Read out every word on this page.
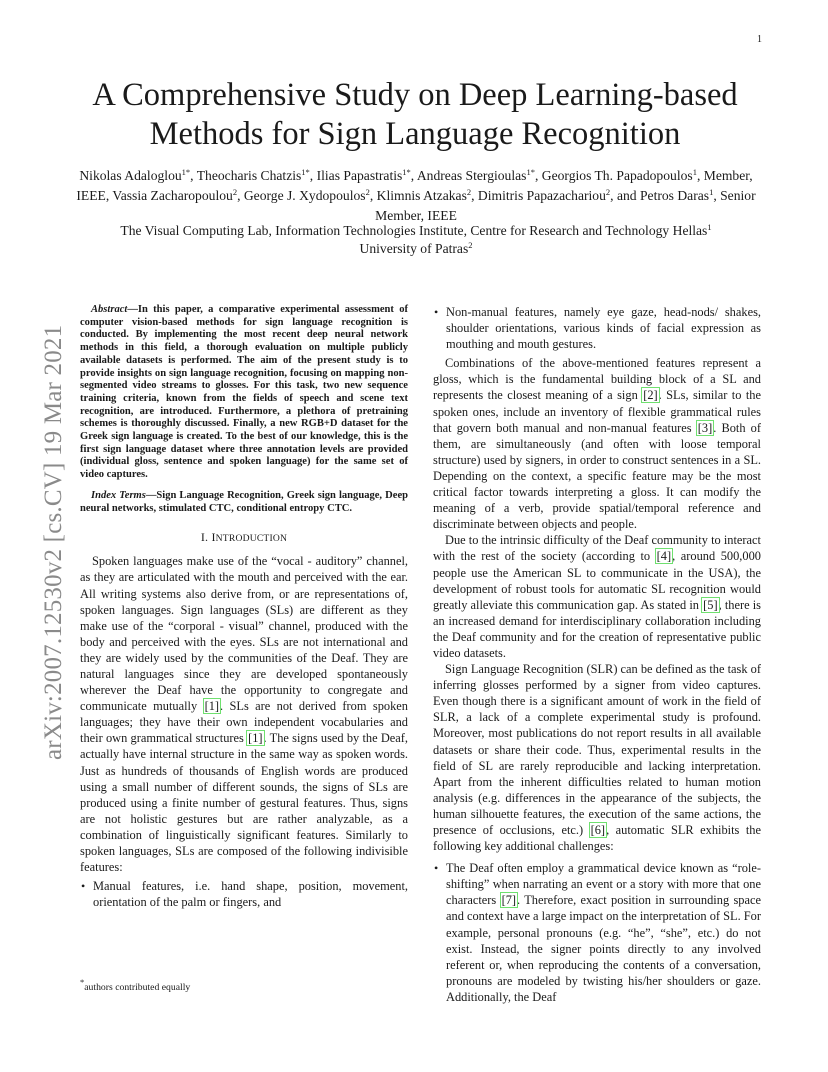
1
arXiv:2007.12530v2 [cs.CV] 19 Mar 2021
A Comprehensive Study on Deep Learning-based
Methods for Sign Language Recognition
Nikolas Adaloglou$^{1*}$, Theocharis Chatzis$^{1*}$, Ilias Papastratis$^{1*}$, Andreas Stergioulas$^{1*}$, Georgios Th. Papadopoulos$^1$, Member, IEEE, Vassia Zacharopoulou$^2$, George J. Xydopoulos$^2$, Klimnis Atzakas$^2$, Dimitris Papazachariou$^2$, and Petros Daras$^1$, Senior Member, IEEE
The Visual Computing Lab, Information Technologies Institute, Centre for Research and Technology Hellas$^1$
University of Patras$^2$

Abstract—In this paper, a comparative experimental assessment of computer vision-based methods for sign language recognition is conducted. By implementing the most recent deep neural network methods in this field, a thorough evaluation on multiple publicly available datasets is performed. The aim of the present study is to provide insights on sign language recognition, focusing on mapping non-segmented video streams to glosses. For this task, two new sequence training criteria, known from the fields of speech and scene text recognition, are introduced. Furthermore, a plethora of pretraining schemes is thoroughly discussed. Finally, a new RGB+D dataset for the Greek sign language is created. To the best of our knowledge, this is the first sign language dataset where three annotation levels are provided (individual gloss, sentence and spoken language) for the same set of video captures.

Index Terms—Sign Language Recognition, Greek sign language, Deep neural networks, stimulated CTC, conditional entropy CTC.

I. INTRODUCTION

Spoken languages make use of the “vocal - auditory” channel, as they are articulated with the mouth and perceived with the ear. All writing systems also derive from, or are representations of, spoken languages. Sign languages (SLs) are different as they make use of the “corporal - visual” channel, produced with the body and perceived with the eyes. SLs are not international and they are widely used by the communities of the Deaf. They are natural languages since they are developed spontaneously wherever the Deaf have the opportunity to congregate and communicate mutually [1]. SLs are not derived from spoken languages; they have their own independent vocabularies and their own grammatical structures [1]. The signs used by the Deaf, actually have internal structure in the same way as spoken words. Just as hundreds of thousands of English words are produced using a small number of different sounds, the signs of SLs are produced using a finite number of gestural features. Thus, signs are not holistic gestures but are rather analyzable, as a combination of linguistically significant features. Similarly to spoken languages, SLs are composed of the following indivisible features:

• Manual features, i.e. hand shape, position, movement, orientation of the palm or fingers, and
*authors contributed equally
• Non-manual features, namely eye gaze, head-nods/ shakes, shoulder orientations, various kinds of facial expression as mouthing and mouth gestures.

Combinations of the above-mentioned features represent a gloss, which is the fundamental building block of a SL and represents the closest meaning of a sign [2]. SLs, similar to the spoken ones, include an inventory of flexible grammatical rules that govern both manual and non-manual features [3]. Both of them, are simultaneously (and often with loose temporal structure) used by signers, in order to construct sentences in a SL. Depending on the context, a specific feature may be the most critical factor towards interpreting a gloss. It can modify the meaning of a verb, provide spatial/temporal reference and discriminate between objects and people.

Due to the intrinsic difficulty of the Deaf community to interact with the rest of the society (according to [4], around 500,000 people use the American SL to communicate in the USA), the development of robust tools for automatic SL recognition would greatly alleviate this communication gap. As stated in [5], there is an increased demand for interdisciplinary collaboration including the Deaf community and for the creation of representative public video datasets.

Sign Language Recognition (SLR) can be defined as the task of inferring glosses performed by a signer from video captures. Even though there is a significant amount of work in the field of SLR, a lack of a complete experimental study is profound. Moreover, most publications do not report results in all available datasets or share their code. Thus, experimental results in the field of SL are rarely reproducible and lacking interpretation. Apart from the inherent difficulties related to human motion analysis (e.g. differences in the appearance of the subjects, the human silhouette features, the execution of the same actions, the presence of occlusions, etc.) [6], automatic SLR exhibits the following key additional challenges:

• The Deaf often employ a grammatical device known as “role-shifting” when narrating an event or a story with more that one characters [7]. Therefore, exact position in surrounding space and context have a large impact on the interpretation of SL. For example, personal pronouns (e.g. “he”, “she”, etc.) do not exist. Instead, the signer points directly to any involved referent or, when reproducing the contents of a conversation, pronouns are modeled by twisting his/her shoulders or gaze. Additionally, the Deaf
